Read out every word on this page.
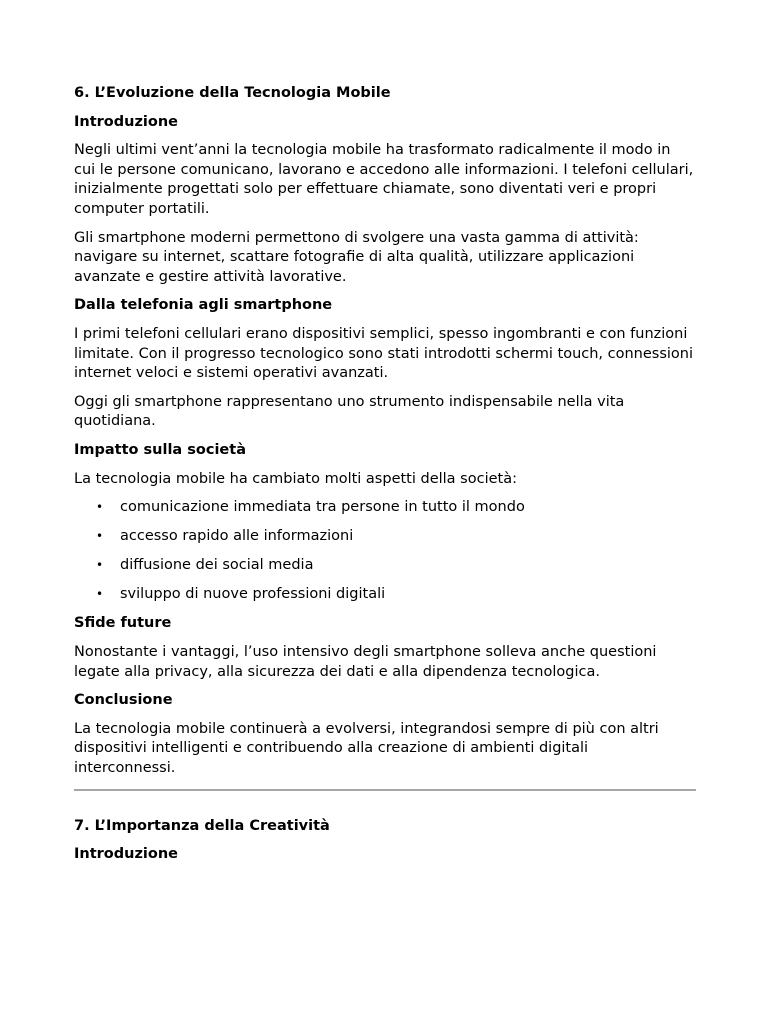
6. L’Evoluzione della Tecnologia Mobile
Introduzione
Negli ultimi vent’anni la tecnologia mobile ha trasformato radicalmente il modo in cui le persone comunicano, lavorano e accedono alle informazioni. I telefoni cellulari, inizialmente progettati solo per effettuare chiamate, sono diventati veri e propri computer portatili.
Gli smartphone moderni permettono di svolgere una vasta gamma di attività: navigare su internet, scattare fotografie di alta qualità, utilizzare applicazioni avanzate e gestire attività lavorative.
Dalla telefonia agli smartphone
I primi telefoni cellulari erano dispositivi semplici, spesso ingombranti e con funzioni limitate. Con il progresso tecnologico sono stati introdotti schermi touch, connessioni internet veloci e sistemi operativi avanzati.
Oggi gli smartphone rappresentano uno strumento indispensabile nella vita quotidiana.
Impatto sulla società
La tecnologia mobile ha cambiato molti aspetti della società:
• comunicazione immediata tra persone in tutto il mondo
• accesso rapido alle informazioni
• diffusione dei social media
• sviluppo di nuove professioni digitali
Sfide future
Nonostante i vantaggi, l’uso intensivo degli smartphone solleva anche questioni legate alla privacy, alla sicurezza dei dati e alla dipendenza tecnologica.
Conclusione
La tecnologia mobile continuerà a evolversi, integrandosi sempre di più con altri dispositivi intelligenti e contribuendo alla creazione di ambienti digitali interconnessi.
7. L’Importanza della Creatività
Introduzione
